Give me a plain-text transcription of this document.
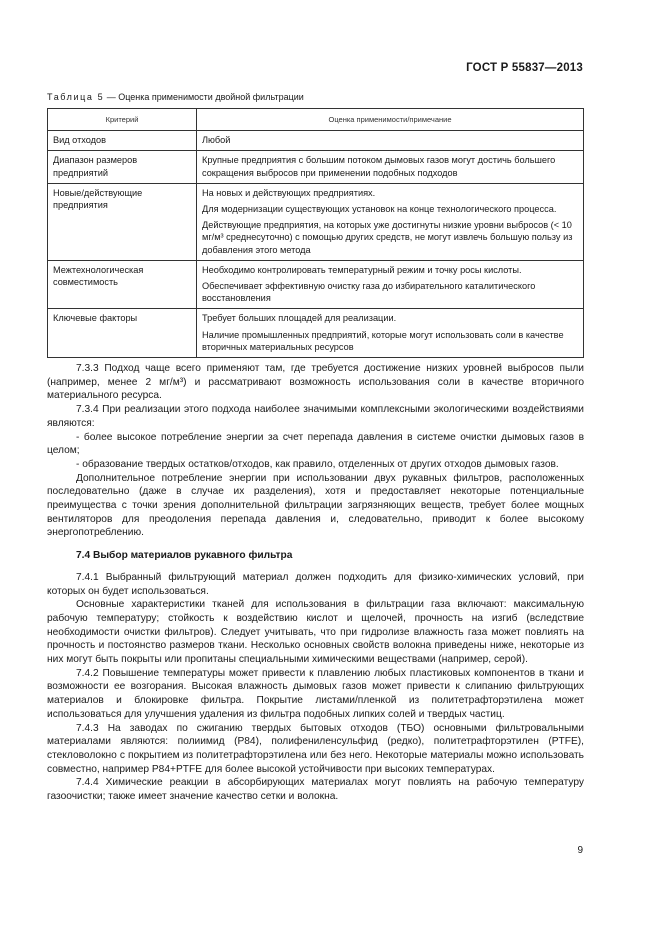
ГОСТ Р 55837—2013
Таблица 5 — Оценка применимости двойной фильтрации
Критерий	Оценка применимости/примечание
Вид отходов	Любой

Диапазон размеров предприятий	Крупные предприятия с большим потоком дымовых газов могут достичь большего сокращения выбросов при применении подобных подходов

Новые/действующие предприятия	На новых и действующих предприятиях.

Для модернизации существующих установок на конце технологического процесса.

Действующие предприятия, на которых уже достигнуты низкие уровни выбросов (< 10 мг/м³ среднесуточно) с помощью других средств, не могут извлечь большую пользу из добавления этого метода

Межтехнологическая совместимость	Необходимо контролировать температурный режим и точку росы кислоты.

Обеспечивает эффективную очистку газа до избирательного каталитического восстановления

Ключевые факторы	Требует больших площадей для реализации.

Наличие промышленных предприятий, которые могут использовать соли в качестве вторичных материальных ресурсов

7.3.3 Подход чаще всего применяют там, где требуется достижение низких уровней выбросов пыли (например, менее 2 мг/м³) и рассматривают возможность использования соли в качестве вторичного материального ресурса.

7.3.4 При реализации этого подхода наиболее значимыми комплексными экологическими воздействиями являются:

- более высокое потребление энергии за счет перепада давления в системе очистки дымовых газов в целом;

- образование твердых остатков/отходов, как правило, отделенных от других отходов дымовых газов.

Дополнительное потребление энергии при использовании двух рукавных фильтров, расположенных последовательно (даже в случае их разделения), хотя и предоставляет некоторые потенциальные преимущества с точки зрения дополнительной фильтрации загрязняющих веществ, требует более мощных вентиляторов для преодоления перепада давления и, следовательно, приводит к более высокому энергопотреблению.

7.4 Выбор материалов рукавного фильтра

7.4.1 Выбранный фильтрующий материал должен подходить для физико-химических условий, при которых он будет использоваться.

Основные характеристики тканей для использования в фильтрации газа включают: максимальную рабочую температуру; стойкость к воздействию кислот и щелочей, прочность на изгиб (вследствие необходимости очистки фильтров). Следует учитывать, что при гидролизе влажность газа может повлиять на прочность и постоянство размеров ткани. Несколько основных свойств волокна приведены ниже, некоторые из них могут быть покрыты или пропитаны специальными химическими веществами (например, серой).

7.4.2 Повышение температуры может привести к плавлению любых пластиковых компонентов в ткани и возможности ее возгорания. Высокая влажность дымовых газов может привести к слипанию фильтрующих материалов и блокировке фильтра. Покрытие листами/пленкой из политетрафторэтилена может использоваться для улучшения удаления из фильтра подобных липких солей и твердых частиц.

7.4.3 На заводах по сжиганию твердых бытовых отходов (ТБО) основными фильтровальными материалами являются: полиимид (Р84), полифениленсульфид (редко), политетрафторэтилен (PTFE), стекловолокно с покрытием из политетрафторэтилена или без него. Некоторые материалы можно использовать совместно, например Р84+PTFE для более высокой устойчивости при высоких температурах.

7.4.4 Химические реакции в абсорбирующих материалах могут повлиять на рабочую температуру газоочистки; также имеет значение качество сетки и волокна.

9
